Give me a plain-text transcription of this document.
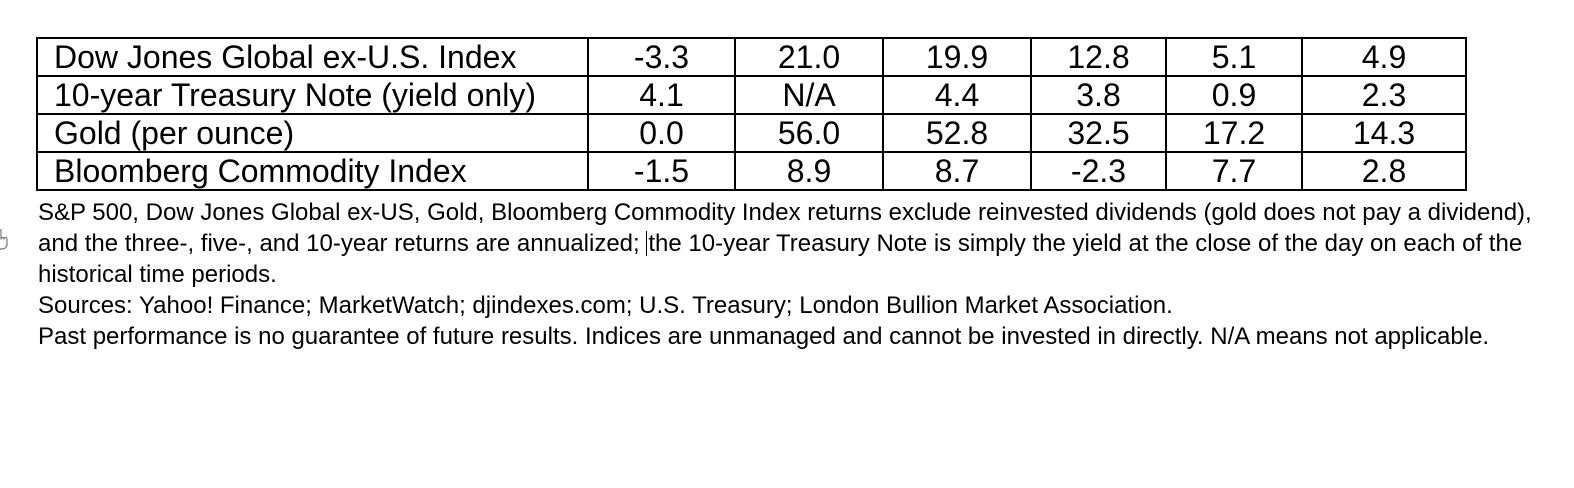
Dow Jones Global ex-U.S. Index	-3.3	21.0	19.9	12.8	5.1	4.9
10-year Treasury Note (yield only)	4.1	N/A	4.4	3.8	0.9	2.3
Gold (per ounce)	0.0	56.0	52.8	32.5	17.2	14.3
Bloomberg Commodity Index	-1.5	8.9	8.7	-2.3	7.7	2.8

S&P 500, Dow Jones Global ex-US, Gold, Bloomberg Commodity Index returns exclude reinvested dividends (gold does not pay a dividend), and the three-, five-, and 10-year returns are annualized; the 10-year Treasury Note is simply the yield at the close of the day on each of the historical time periods.

Sources: Yahoo! Finance; MarketWatch; djindexes.com; U.S. Treasury; London Bullion Market Association.

Past performance is no guarantee of future results. Indices are unmanaged and cannot be invested in directly. N/A means not applicable.
